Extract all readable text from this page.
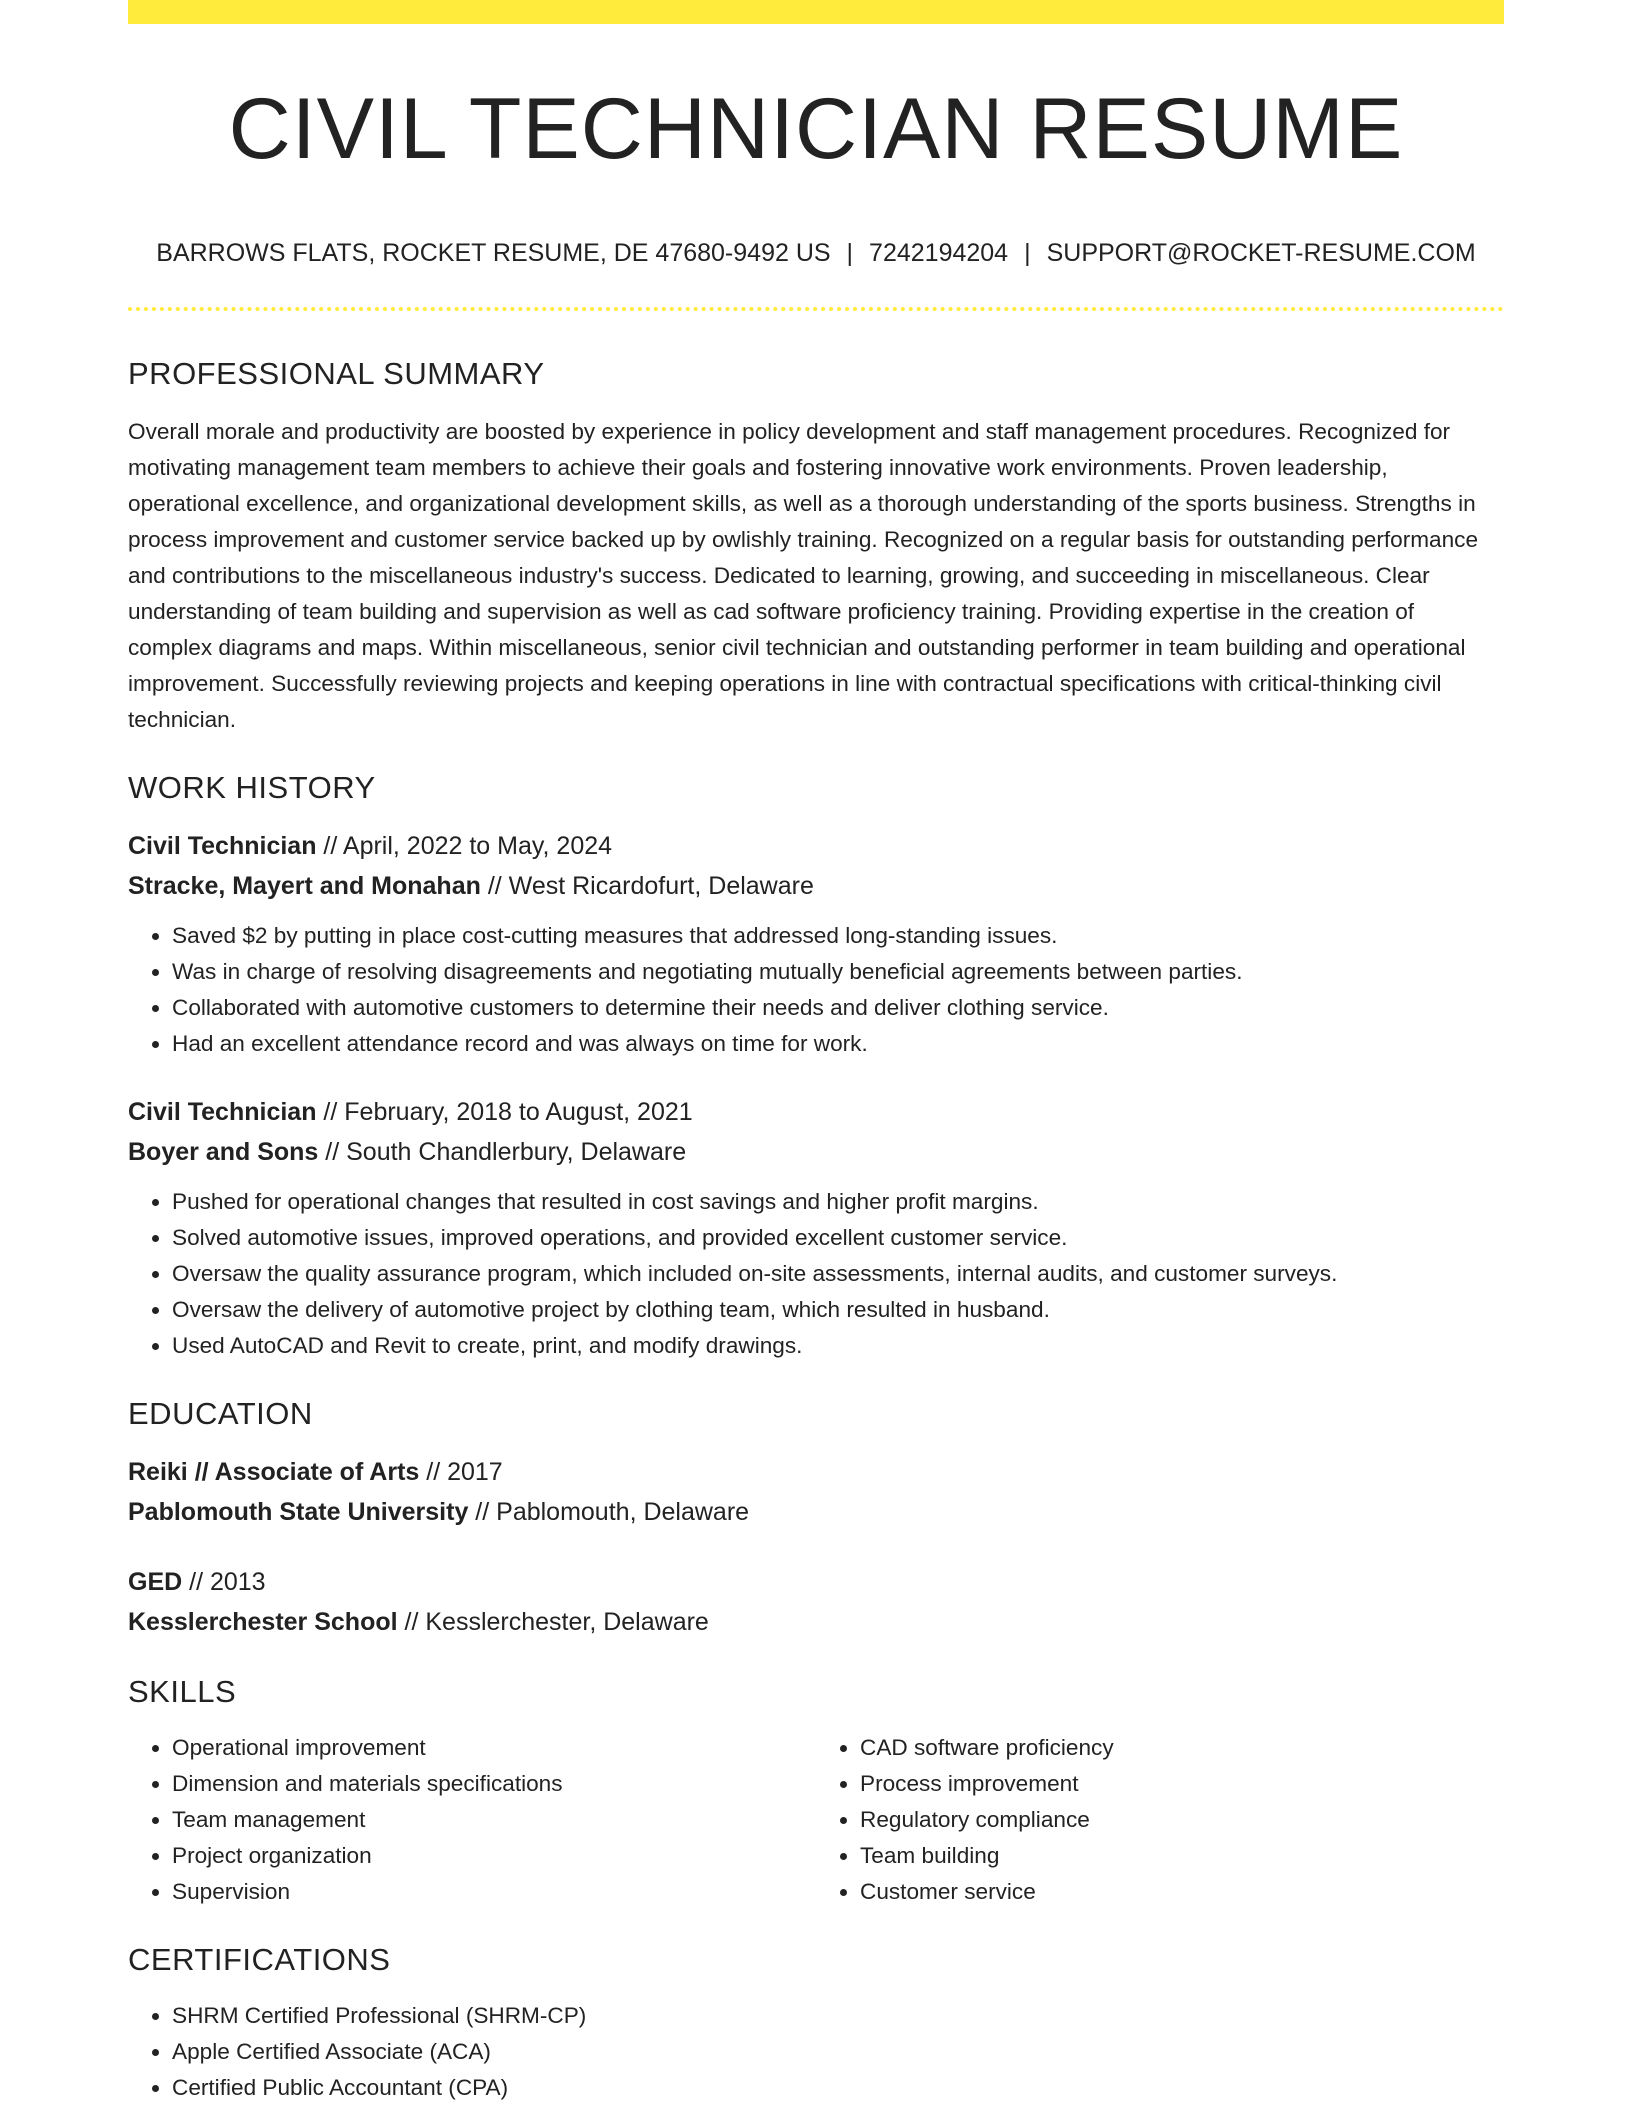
CIVIL TECHNICIAN RESUME
BARROWS FLATS, ROCKET RESUME, DE 47680-9492 US | 7242194204 | SUPPORT@ROCKET-RESUME.COM
PROFESSIONAL SUMMARY

Overall morale and productivity are boosted by experience in policy development and staff management procedures. Recognized for motivating management team members to achieve their goals and fostering innovative work environments. Proven leadership, operational excellence, and organizational development skills, as well as a thorough understanding of the sports business. Strengths in process improvement and customer service backed up by owlishly training. Recognized on a regular basis for outstanding performance and contributions to the miscellaneous industry's success. Dedicated to learning, growing, and succeeding in miscellaneous. Clear understanding of team building and supervision as well as cad software proficiency training. Providing expertise in the creation of complex diagrams and maps. Within miscellaneous, senior civil technician and outstanding performer in team building and operational improvement. Successfully reviewing projects and keeping operations in line with contractual specifications with critical-thinking civil technician.

WORK HISTORY
Civil Technician // April, 2022 to May, 2024
Stracke, Mayert and Monahan // West Ricardofurt, Delaware
• Saved $2 by putting in place cost-cutting measures that addressed long-standing issues.
• Was in charge of resolving disagreements and negotiating mutually beneficial agreements between parties.
• Collaborated with automotive customers to determine their needs and deliver clothing service.
• Had an excellent attendance record and was always on time for work.
Civil Technician // February, 2018 to August, 2021
Boyer and Sons // South Chandlerbury, Delaware
• Pushed for operational changes that resulted in cost savings and higher profit margins.
• Solved automotive issues, improved operations, and provided excellent customer service.
• Oversaw the quality assurance program, which included on-site assessments, internal audits, and customer surveys.
• Oversaw the delivery of automotive project by clothing team, which resulted in husband.
• Used AutoCAD and Revit to create, print, and modify drawings.
EDUCATION
Reiki // Associate of Arts // 2017
Pablomouth State University // Pablomouth, Delaware
GED // 2013
Kesslerchester School // Kesslerchester, Delaware
SKILLS
• Operational improvement
• Dimension and materials specifications
• Team management
• Project organization
• Supervision
• CAD software proficiency
• Process improvement
• Regulatory compliance
• Team building
• Customer service
CERTIFICATIONS
• SHRM Certified Professional (SHRM-CP)
• Apple Certified Associate (ACA)
• Certified Public Accountant (CPA)
